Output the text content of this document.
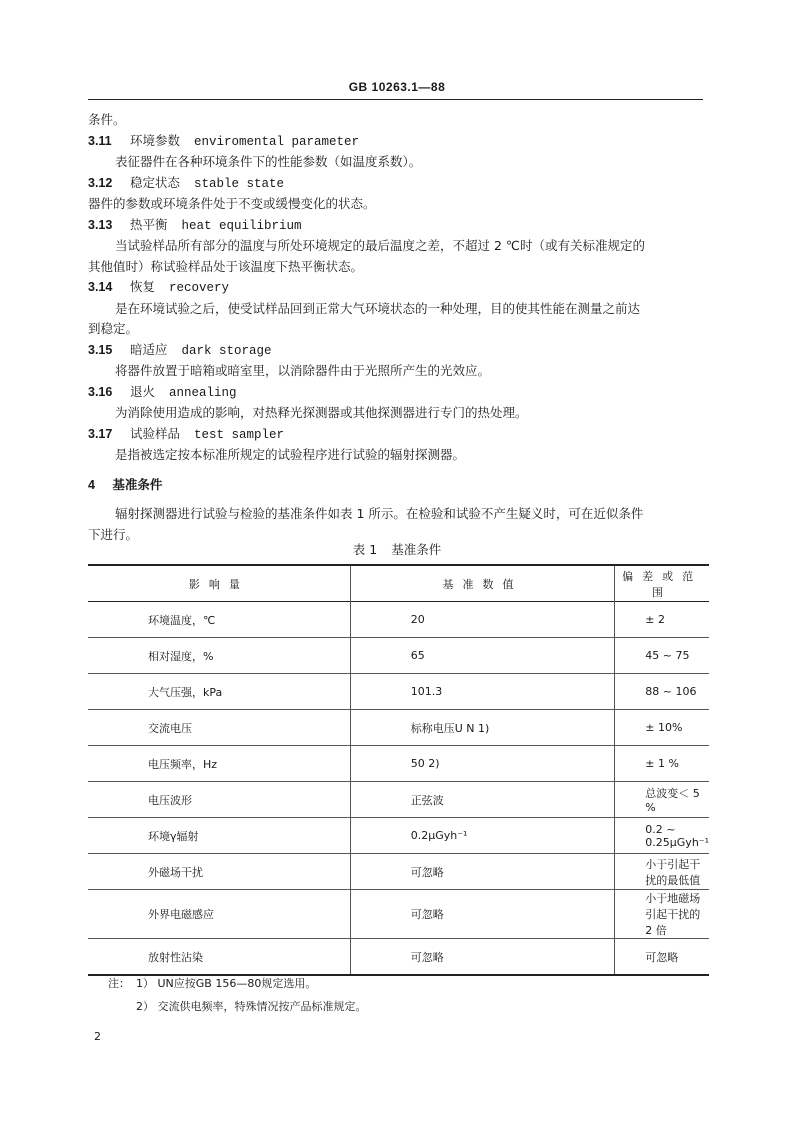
GB 10263.1—88
条件。
3.11 环境参数 enviromental parameter
表征器件在各种环境条件下的性能参数（如温度系数）。
3.12 稳定状态 stable state
器件的参数或环境条件处于不变或缓慢变化的状态。
3.13 热平衡 heat equilibrium
当试验样品所有部分的温度与所处环境规定的最后温度之差，不超过 2 ℃时（或有关标准规定的
其他值时）称试验样品处于该温度下热平衡状态。
3.14 恢复 recovery
是在环境试验之后，使受试样品回到正常大气环境状态的一种处理，目的使其性能在测量之前达
到稳定。
3.15 暗适应 dark storage
将器件放置于暗箱或暗室里，以消除器件由于光照所产生的光效应。
3.16 退火 annealing
为消除使用造成的影响，对热释光探测器或其他探测器进行专门的热处理。
3.17 试验样品 test sampler
是指被选定按本标准所规定的试验程序进行试验的辐射探测器。
4 基准条件
辐射探测器进行试验与检验的基准条件如表 1 所示。在检验和试验不产生疑义时，可在近似条件
下进行。
表 1 基准条件
影响量	基准数值	偏差或范围
环境温度，℃	20	± 2
相对湿度，%	65	45 ~ 75
大气压强，kPa	101.3	88 ~ 106
交流电压	标称电压U N 1)	± 10%
电压频率，Hz	50 2)	± 1 %
电压波形	正弦波	总波变＜ 5 %
环境γ辐射	0.2μGyh⁻¹	0.2 ~ 0.25μGyh⁻¹
外磁场干扰	可忽略	小于引起干扰的最低值
外界电磁感应	可忽略	小于地磁场引起干扰的 2 倍
放射性沾染	可忽略	可忽略
注： 1） UN应按GB 156—80规定选用。
2） 交流供电频率，特殊情况按产品标准规定。
2
